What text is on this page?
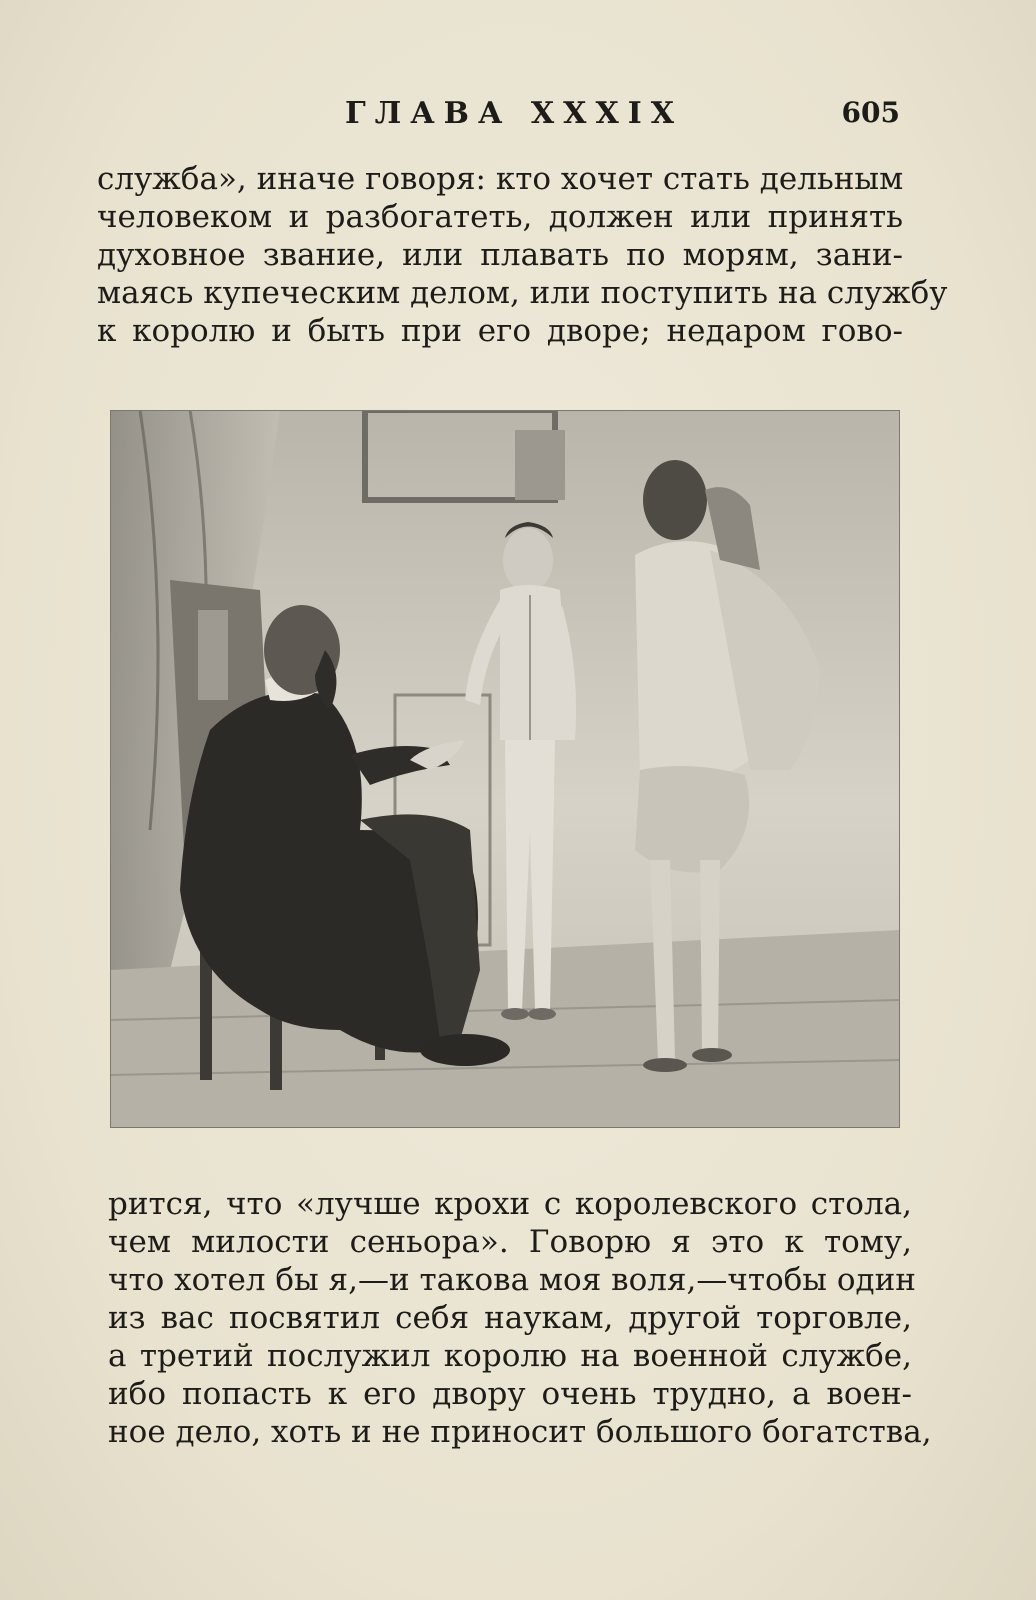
ГЛАВА XXXIX	605
служба», иначе говоря: кто хочет стать дельным
человеком и разбогатеть, должен или принять
духовное звание, или плавать по морям, зани-
маясь купеческим делом, или поступить на службу
к королю и быть при его дворе; недаром гово-
рится, что «лучше крохи с королевского стола,
чем милости сеньора». Говорю я это к тому,
что хотел бы я,—и такова моя воля,—чтобы один
из вас посвятил себя наукам, другой торговле,
а третий послужил королю на военной службе,
ибо попасть к его двору очень трудно, а воен-
ное дело, хоть и не приносит большого богатства,
